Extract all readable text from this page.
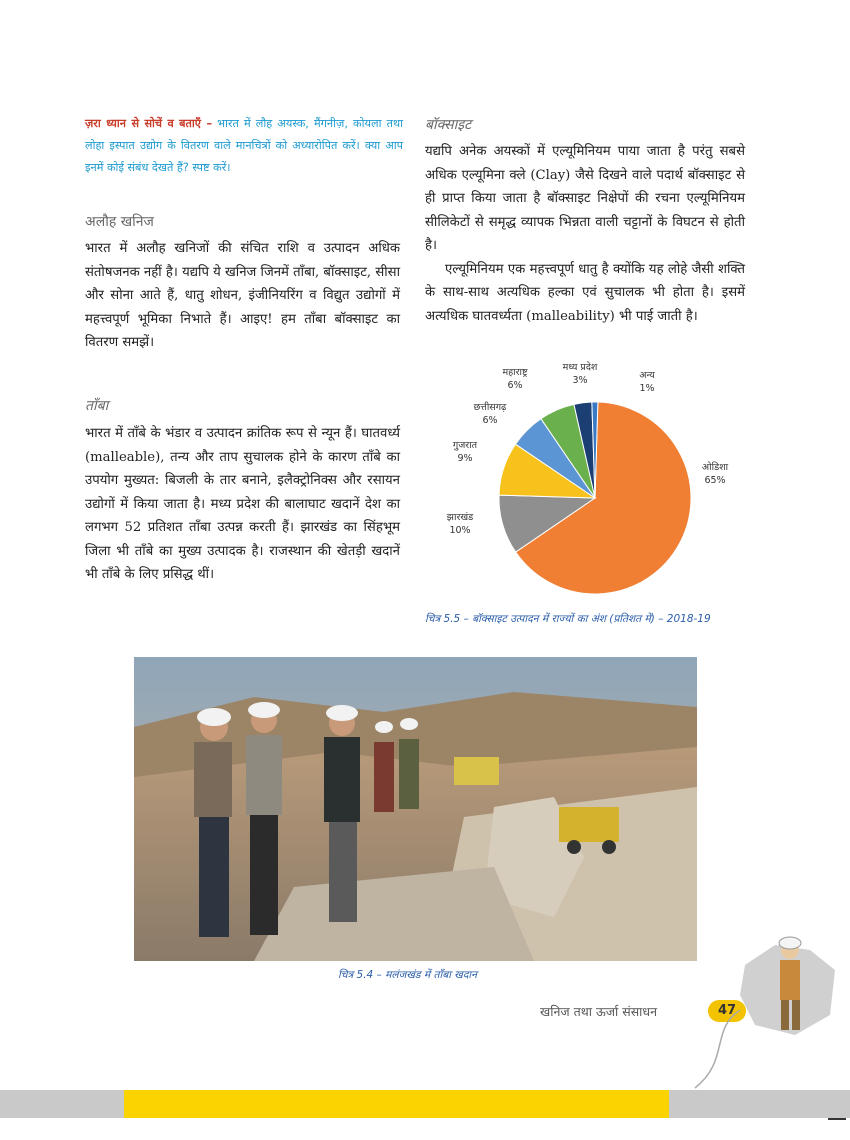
ज़रा ध्यान से सोचें व बताएँ – भारत में लौह अयस्क, मैंगनीज़, कोयला तथा लोहा इस्पात उद्योग के वितरण वाले मानचित्रों को अध्यारोपित करें। क्या आप इनमें कोई संबंध देखते हैं? स्पष्ट करें।
अलौह खनिज

भारत में अलौह खनिजों की संचित राशि व उत्पादन अधिक संतोषजनक नहीं है। यद्यपि ये खनिज जिनमें ताँबा, बॉक्साइट, सीसा और सोना आते हैं, धातु शोधन, इंजीनियरिंग व विद्युत उद्योगों में महत्त्वपूर्ण भूमिका निभाते हैं। आइए! हम ताँबा बॉक्साइट का वितरण समझें।

ताँबा

भारत में ताँबे के भंडार व उत्पादन क्रांतिक रूप से न्यून हैं। घातवर्ध्य (malleable), तन्य और ताप सुचालक होने के कारण ताँबे का उपयोग मुख्यत: बिजली के तार बनाने, इलैक्ट्रोनिक्स और रसायन उद्योगों में किया जाता है। मध्य प्रदेश की बालाघाट खदानें देश का लगभग 52 प्रतिशत ताँबा उत्पन्न करती हैं। झारखंड का सिंहभूम जिला भी ताँबे का मुख्य उत्पादक है। राजस्थान की खेतड़ी खदानें भी ताँबे के लिए प्रसिद्ध थीं।

बॉक्साइट

यद्यपि अनेक अयस्कों में एल्यूमिनियम पाया जाता है परंतु सबसे अधिक एल्यूमिना क्ले (Clay) जैसे दिखने वाले पदार्थ बॉक्साइट से ही प्राप्त किया जाता है बॉक्साइट निक्षेपों की रचना एल्यूमिनियम सीलिकेटों से समृद्ध व्यापक भिन्नता वाली चट्टानों के विघटन से होती है।

एल्यूमिनियम एक महत्त्वपूर्ण धातु है क्योंकि यह लोहे जैसी शक्ति के साथ-साथ अत्यधिक हल्का एवं सुचालक भी होता है। इसमें अत्यधिक घातवर्ध्यता (malleability) भी पाई जाती है।

ओडिशा
65%
झारखंड
10%
गुजरात
9%
छत्तीसगढ़
6%
महाराष्ट्र
6%
मध्य प्रदेश
3%	अन्य
1%
चित्र 5.5 – बॉक्साइट उत्पादन में राज्यों का अंश (प्रतिशत में) – 2018-19
चित्र 5.4 – मलंजखंड में ताँबा खदान
खनिज तथा ऊर्जा संसाधन	47
